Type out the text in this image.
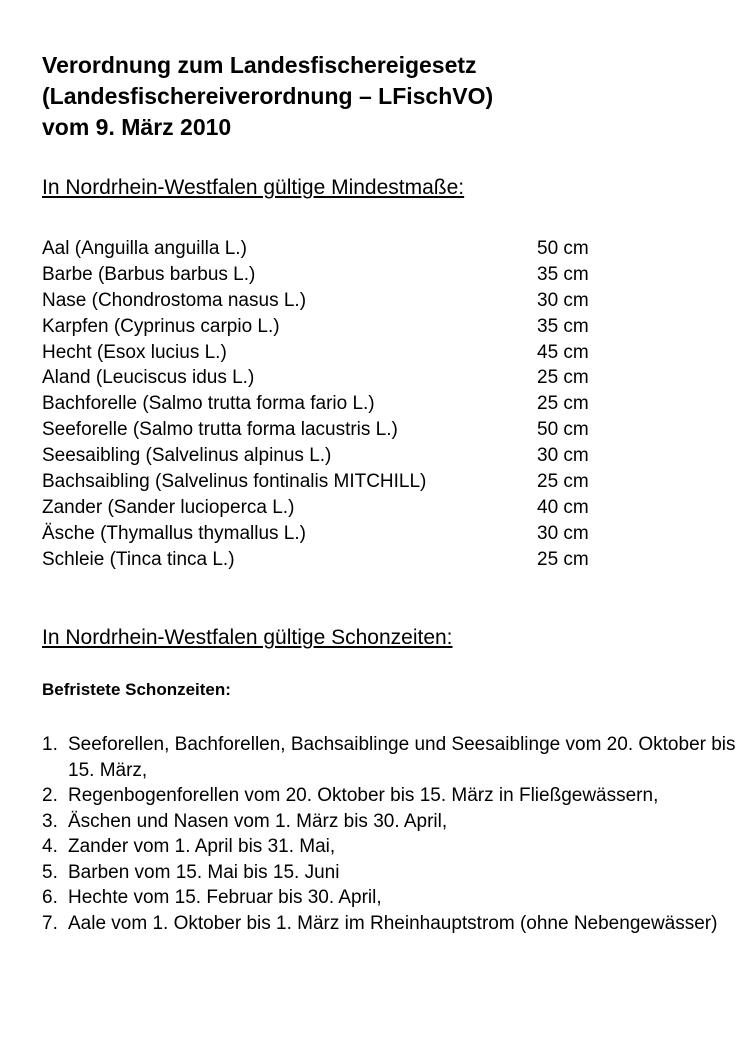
Verordnung zum Landesfischereigesetz
(Landesfischereiverordnung – LFischVO)
vom 9. März 2010
In Nordrhein-Westfalen gültige Mindestmaße:
Aal (Anguilla anguilla L.)	50 cm
Barbe (Barbus barbus L.)	35 cm
Nase (Chondrostoma nasus L.)	30 cm
Karpfen (Cyprinus carpio L.)	35 cm
Hecht (Esox lucius L.)	45 cm
Aland (Leuciscus idus L.)	25 cm
Bachforelle (Salmo trutta forma fario L.)	25 cm
Seeforelle (Salmo trutta forma lacustris L.)	50 cm
Seesaibling (Salvelinus alpinus L.)	30 cm
Bachsaibling (Salvelinus fontinalis MITCHILL)	25 cm
Zander (Sander lucioperca L.)	40 cm
Äsche (Thymallus thymallus L.)	30 cm
Schleie (Tinca tinca L.)	25 cm
In Nordrhein-Westfalen gültige Schonzeiten:
Befristete Schonzeiten:
1. Seeforellen, Bachforellen, Bachsaiblinge und Seesaiblinge vom 20. Oktober bis 15. März,
2. Regenbogenforellen vom 20. Oktober bis 15. März in Fließgewässern,
3. Äschen und Nasen vom 1. März bis 30. April,
4. Zander vom 1. April bis 31. Mai,
5. Barben vom 15. Mai bis 15. Juni
6. Hechte vom 15. Februar bis 30. April,
7. Aale vom 1. Oktober bis 1. März im Rheinhauptstrom (ohne Nebengewässer)
